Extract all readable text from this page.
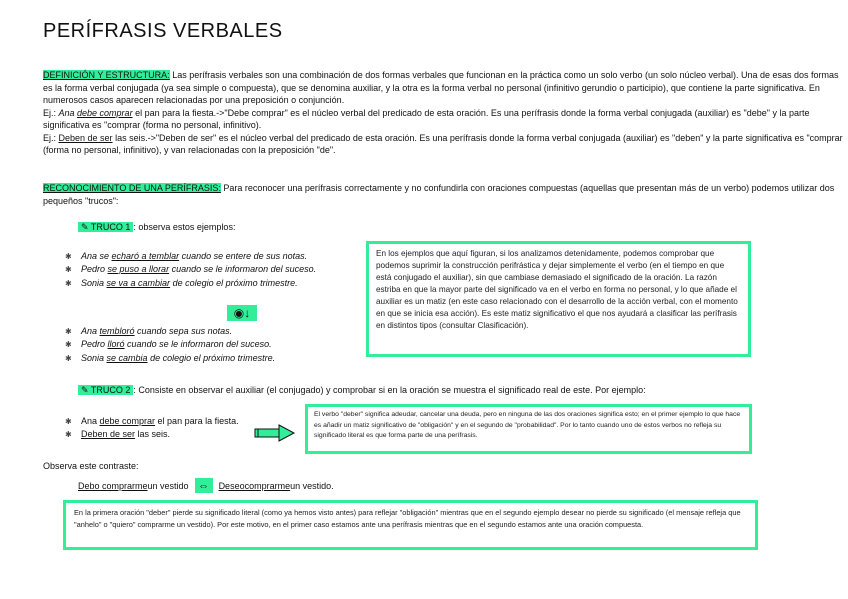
PERÍFRASIS VERBALES
DEFINICIÓN Y ESTRUCTURA: Las perífrasis verbales son una combinación de dos formas verbales que funcionan en la práctica como un solo verbo (un solo núcleo verbal). Una de esas dos formas es la forma verbal conjugada (ya sea simple o compuesta), que se denomina auxiliar, y la otra es la forma verbal no personal (infinitivo gerundio o participio), que contiene la parte significativa. En numerosos casos aparecen relacionadas por una preposición o conjunción.
Ej.: Ana debe comprar el pan para la fiesta.->"Debe comprar" es el núcleo verbal del predicado de esta oración. Es una perífrasis donde la forma verbal conjugada (auxiliar) es "debe" y la parte significativa es "comprar (forma no personal, infinitivo).
Ej.: Deben de ser las seis.->"Deben de ser" es el núcleo verbal del predicado de esta oración. Es una perífrasis donde la forma verbal conjugada (auxiliar) es "deben" y la parte significativa es "comprar (forma no personal, infinitivo), y van relacionadas con la preposición "de".
RECONOCIMIENTO DE UNA PERÍFRASIS: Para reconocer una perífrasis correctamente y no confundirla con oraciones compuestas (aquellas que presentan más de un verbo) podemos utilizar dos pequeños "trucos":
✎ TRUCO 1 : observa estos ejemplos:
✱ Ana se echaró a temblar cuando se entere de sus notas.
✱ Pedro se puso a llorar cuando se le informaron del suceso.
✱ Sonia se va a cambiar de colegio el próximo trimestre.
◉↓
✱ Ana tembloró cuando sepa sus notas.
✱ Pedro lloró cuando se le informaron del suceso.
✱ Sonia se cambia de colegio el próximo trimestre.
En los ejemplos que aquí figuran, si los analizamos detenidamente, podemos comprobar que podemos suprimir la construcción perifrástica y dejar simplemente el verbo (en el tiempo en que está conjugado el auxiliar), sin que cambiase demasiado el significado de la oración. La razón estriba en que la mayor parte del significado va en el verbo en forma no personal, y lo que añade el auxiliar es un matiz (en este caso relacionado con el desarrollo de la acción verbal, con el momento en que se inicia esa acción). Es este matiz significativo el que nos ayudará a clasificar las perífrasis en distintos tipos (consultar Clasificación).
✎ TRUCO 2 : Consiste en observar el auxiliar (el conjugado) y comprobar si en la oración se muestra el significado real de este. Por ejemplo:
✱ Ana debe comprar el pan para la fiesta.
✱ Deben de ser las seis.
El verbo "deber" significa adeudar, cancelar una deuda, pero en ninguna de las dos oraciones significa esto; en el primer ejemplo lo que hace es añadir un matiz significativo de "obligación" y en el segundo de "probabilidad". Por lo tanto cuando uno de estos verbos no refleja su significado literal es que forma parte de una perífrasis.
Observa este contraste:
Debo comprarme un vestido ⇔	Deseo comprarme un vestido.
En la primera oración "deber" pierde su significado literal (como ya hemos visto antes) para reflejar "obligación" mientras que en el segundo ejemplo desear no pierde su significado (el mensaje refleja que "anhelo" o "quiero" comprarme un vestido). Por este motivo, en el primer caso estamos ante una perífrasis mientras que en el segundo estamos ante una oración compuesta.
